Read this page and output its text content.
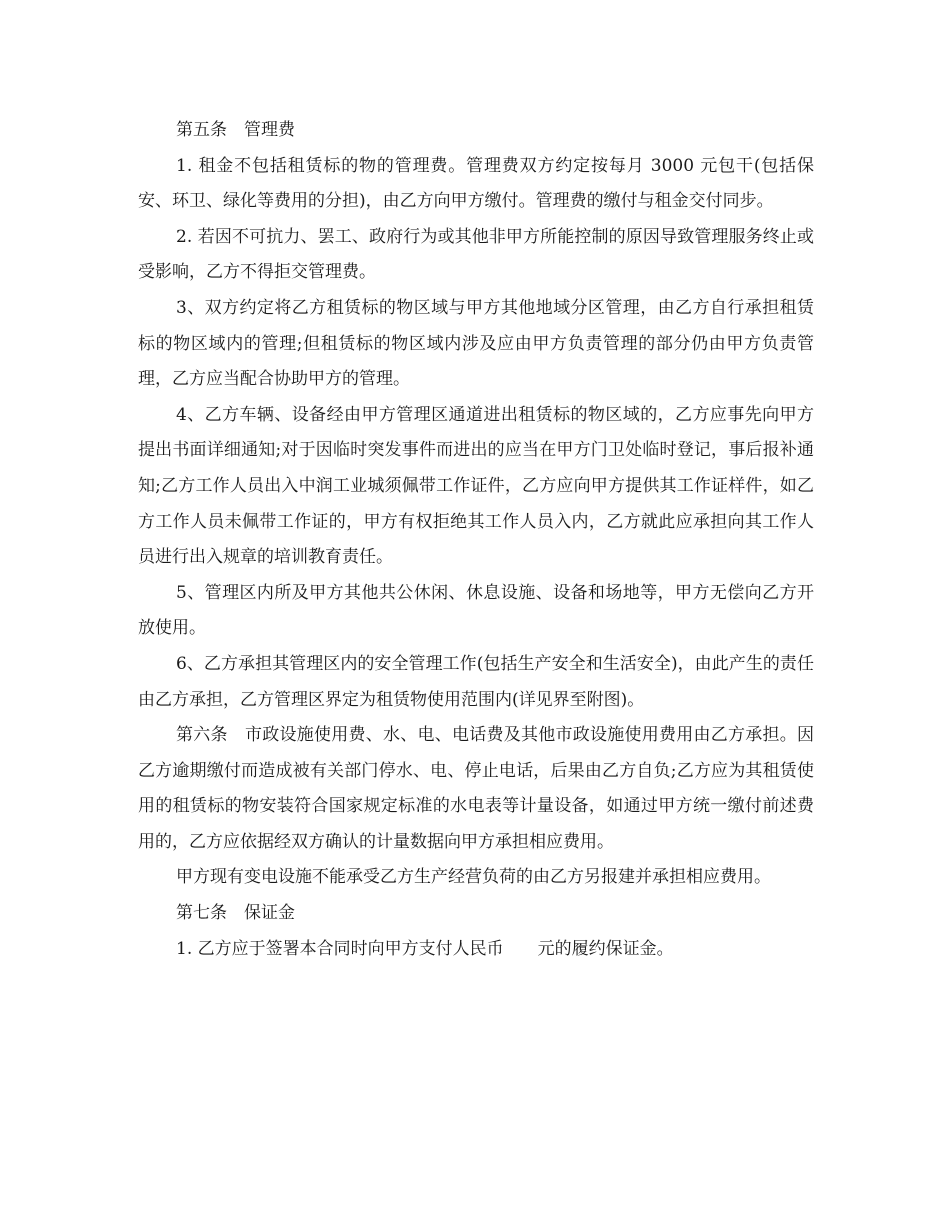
第五条　管理费

1. 租金不包括租赁标的物的管理费。管理费双方约定按每月 3000 元包干(包括保安、环卫、绿化等费用的分担)，由乙方向甲方缴付。管理费的缴付与租金交付同步。

2. 若因不可抗力、罢工、政府行为或其他非甲方所能控制的原因导致管理服务终止或受影响，乙方不得拒交管理费。

3、双方约定将乙方租赁标的物区域与甲方其他地域分区管理，由乙方自行承担租赁标的物区域内的管理;但租赁标的物区域内涉及应由甲方负责管理的部分仍由甲方负责管理，乙方应当配合协助甲方的管理。

4、乙方车辆、设备经由甲方管理区通道进出租赁标的物区域的，乙方应事先向甲方提出书面详细通知;对于因临时突发事件而进出的应当在甲方门卫处临时登记，事后报补通知;乙方工作人员出入中润工业城须佩带工作证件，乙方应向甲方提供其工作证样件，如乙方工作人员未佩带工作证的，甲方有权拒绝其工作人员入内，乙方就此应承担向其工作人员进行出入规章的培训教育责任。

5、管理区内所及甲方其他共公休闲、休息设施、设备和场地等，甲方无偿向乙方开放使用。

6、乙方承担其管理区内的安全管理工作(包括生产安全和生活安全)，由此产生的责任由乙方承担，乙方管理区界定为租赁物使用范围内(详见界至附图)。

第六条　市政设施使用费、水、电、电话费及其他市政设施使用费用由乙方承担。因乙方逾期缴付而造成被有关部门停水、电、停止电话，后果由乙方自负;乙方应为其租赁使用的租赁标的物安装符合国家规定标准的水电表等计量设备，如通过甲方统一缴付前述费用的，乙方应依据经双方确认的计量数据向甲方承担相应费用。

甲方现有变电设施不能承受乙方生产经营负荷的由乙方另报建并承担相应费用。

第七条　保证金

1. 乙方应于签署本合同时向甲方支付人民币　　元的履约保证金。
